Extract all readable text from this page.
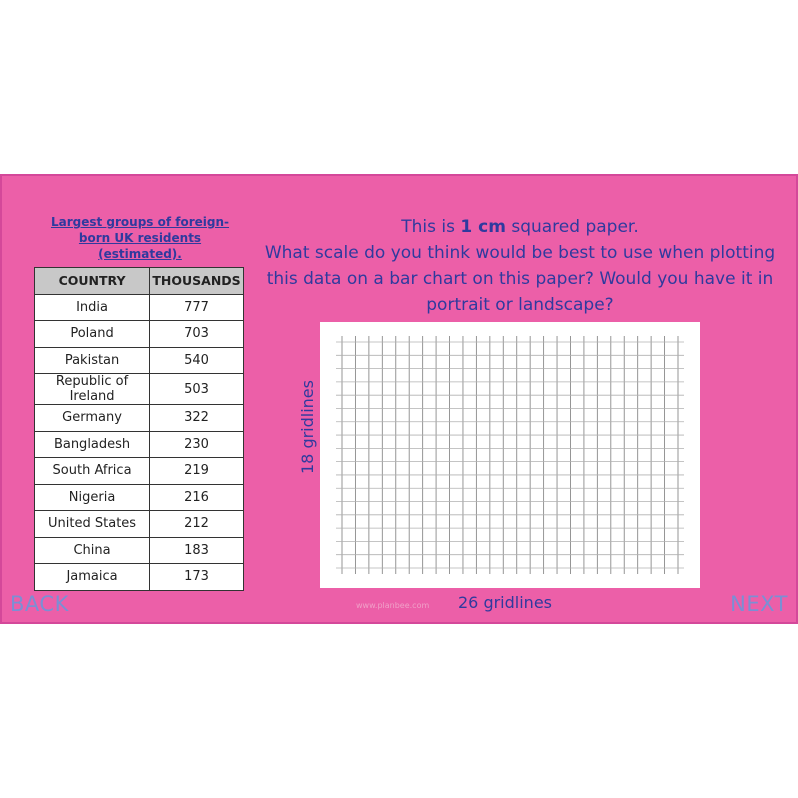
Largest groups of foreign-born UK residents (estimated).
COUNTRY	THOUSANDS
India	777
Poland	703
Pakistan	540
Republic of Ireland	503
Germany	322
Bangladesh	230
South Africa	219
Nigeria	216
United States	212
China	183
Jamaica	173
This is 1 cm squared paper.
What scale do you think would be best to use when plotting this data on a bar chart on this paper? Would you have it in portrait or landscape?
18 gridlines
26 gridlines
BACK	www.planbee.com	NEXT
